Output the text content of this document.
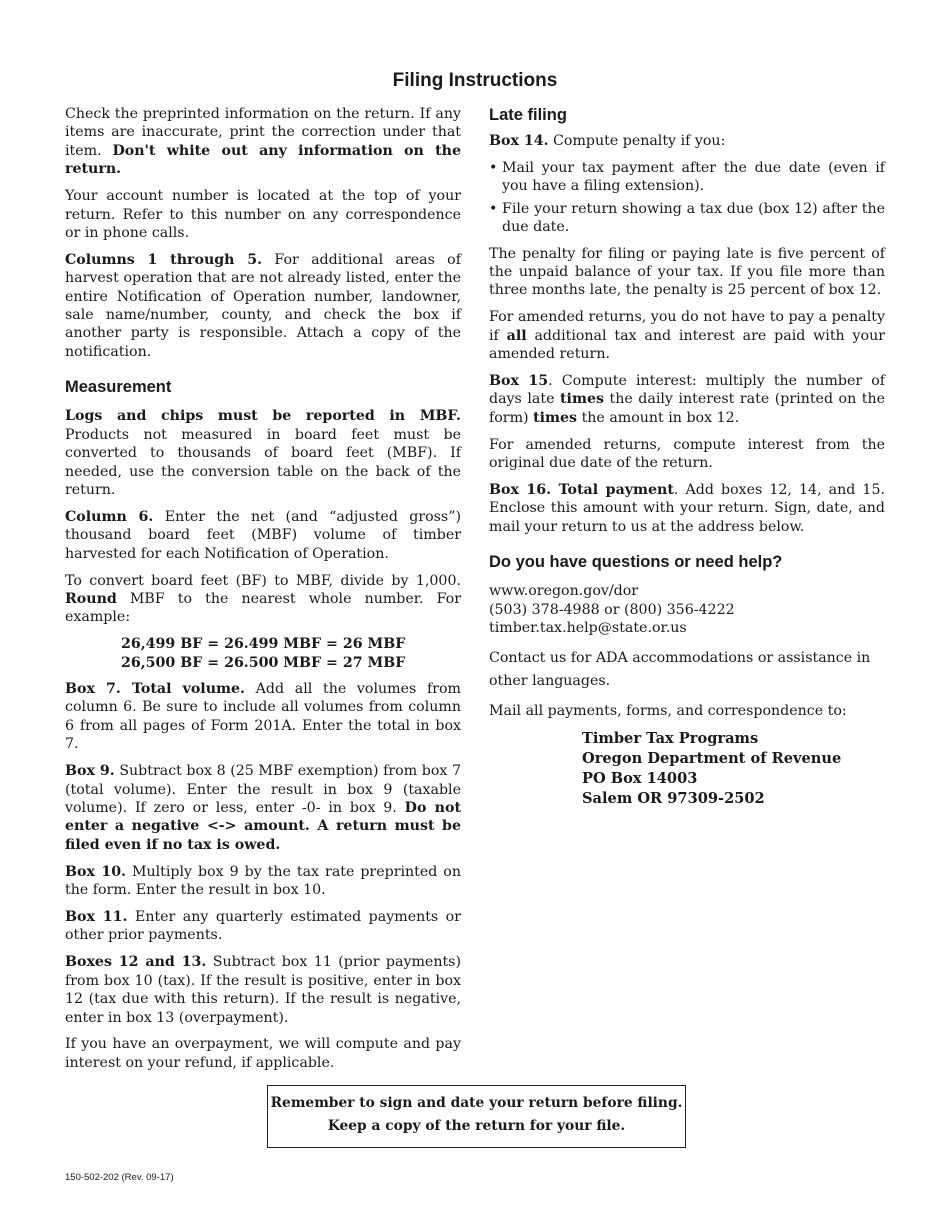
Filing Instructions

Check the preprinted information on the return. If any items are inaccurate, print the correction under that item. Don't white out any information on the return.

Your account number is located at the top of your return. Refer to this number on any correspondence or in phone calls.

Columns 1 through 5. For additional areas of harvest operation that are not already listed, enter the entire Notification of Operation number, landowner, sale name/number, county, and check the box if another party is responsible. Attach a copy of the notification.

Measurement

Logs and chips must be reported in MBF. Products not measured in board feet must be converted to thousands of board feet (MBF). If needed, use the conversion table on the back of the return.

Column 6. Enter the net (and “adjusted gross”) thousand board feet (MBF) volume of timber harvested for each Notification of Operation.

To convert board feet (BF) to MBF, divide by 1,000. Round MBF to the nearest whole number. For example:

26,499 BF = 26.499 MBF = 26 MBF
26,500 BF = 26.500 MBF = 27 MBF

Box 7. Total volume. Add all the volumes from column 6. Be sure to include all volumes from column 6 from all pages of Form 201A. Enter the total in box 7.

Box 9. Subtract box 8 (25 MBF exemption) from box 7 (total volume). Enter the result in box 9 (taxable volume). If zero or less, enter -0- in box 9. Do not enter a negative <-> amount. A return must be filed even if no tax is owed.

Box 10. Multiply box 9 by the tax rate preprinted on the form. Enter the result in box 10.

Box 11. Enter any quarterly estimated payments or other prior payments.

Boxes 12 and 13. Subtract box 11 (prior payments) from box 10 (tax). If the result is positive, enter in box 12 (tax due with this return). If the result is negative, enter in box 13 (overpayment).

If you have an overpayment, we will compute and pay interest on your refund, if applicable.

Late filing

Box 14. Compute penalty if you:

• Mail your tax payment after the due date (even if you have a filing extension).
• File your return showing a tax due (box 12) after the due date.

The penalty for filing or paying late is five percent of the unpaid balance of your tax. If you file more than three months late, the penalty is 25 percent of box 12.

For amended returns, you do not have to pay a penalty if all additional tax and interest are paid with your amended return.

Box 15. Compute interest: multiply the number of days late times the daily interest rate (printed on the form) times the amount in box 12.

For amended returns, compute interest from the original due date of the return.

Box 16. Total payment. Add boxes 12, 14, and 15. Enclose this amount with your return. Sign, date, and mail your return to us at the address below.

Do you have questions or need help?
www.oregon.gov/dor
(503) 378-4988 or (800) 356-4222
timber.tax.help@state.or.us

Contact us for ADA accommodations or assistance in other languages.

Mail all payments, forms, and correspondence to:

Timber Tax Programs
Oregon Department of Revenue
PO Box 14003
Salem OR 97309-2502
Remember to sign and date your return before filing.
Keep a copy of the return for your file.
150-502-202 (Rev. 09-17)
